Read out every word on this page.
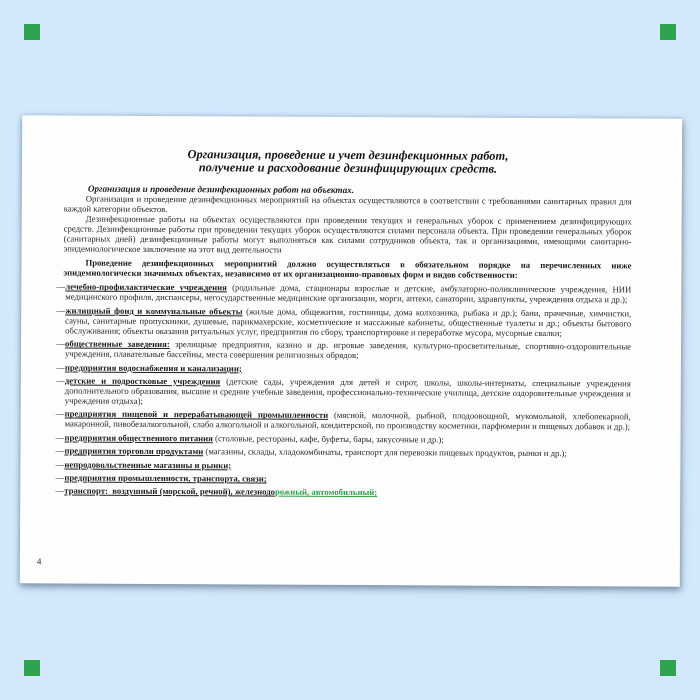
Организация, проведение и учет дезинфекционных работ,
получение и расходование дезинфицирующих средств.
Организация и проведение дезинфекционных работ на объектах.

Организация и проведение дезинфекционных мероприятий на объектах осуществляются в соответствии с требованиями санитарных правил для каждой категории объектов.

Дезинфекционные работы на объектах осуществляются при проведении текущих и генеральных уборок с применением дезинфицирующих средств. Дезинфекционные работы при проведении текущих уборок осуществляются силами персонала объекта. При проведении генеральных уборок (санитарных дней) дезинфекционные работы могут выполняться как силами сотрудников объекта, так и организациями, имеющими санитарно-эпидемиологическое заключение на этот вид деятельности

Проведение дезинфекционных мероприятий должно осуществляться в обязательном порядке на перечисленных ниже эпидемиологически значимых объектах, независимо от их организационно-правовых форм и видов собственности:

— лечебно-профилактические учреждения (родильные дома, стационары взрослые и детские, амбулаторно-поликлинические учреждения, НИИ медицинского профиля, диспансеры, негосударственные медицинские организации, морги, аптеки, санатории, здравпункты, учреждения отдыха и др.);
— жилищный фонд и коммунальные объекты (жилые дома, общежития, гостиницы, дома колхозника, рыбака и др.); бани, прачечные, химчистки, сауны, санитарные пропускники, душевые, парикмахерские, косметические и массажные кабинеты, общественные туалеты и др.; объекты бытового обслуживания; объекты оказания ритуальных услуг, предприятия по сбору, транспортировке и переработке мусора, мусорные свалки;
— общественные заведения: зрелищные предприятия, казино и др. игровые заведения, культурно-просветительные, спортивно-оздоровительные учреждения, плавательные бассейны, места совершения религиозных обрядов;
— предприятия водоснабжения и канализации;
— детские и подростковые учреждения (детские сады, учреждения для детей и сирот, школы, школы-интернаты, специальные учреждения дополнительного образования, высшие и средние учебные заведения, профессионально-технические училища, детские оздоровительные учреждения и учреждения отдыха);
— предприятия пищевой и перерабатывающей промышленности (мясной, молочной, рыбной, плодоовощной, мукомольной, хлебопекарной, макаронной, пивобезалкогольной, слабо алкогольной и алкогольной, кондитерской, по производству косметики, парфюмерии и пищевых добавок и др.);
— предприятия общественного питания (столовые, рестораны, кафе, буфеты, бары, закусочные и др.);
— предприятия торговли продуктами (магазины, склады, хладокомбинаты, транспорт для перевозки пищевых продуктов, рынки и др.);
— непродовольственные магазины и рынки;
— предприятия промышленности, транспорта, связи;
— транспорт:  воздушный (морской, речной), железнодорожный, автомобильный;
4
